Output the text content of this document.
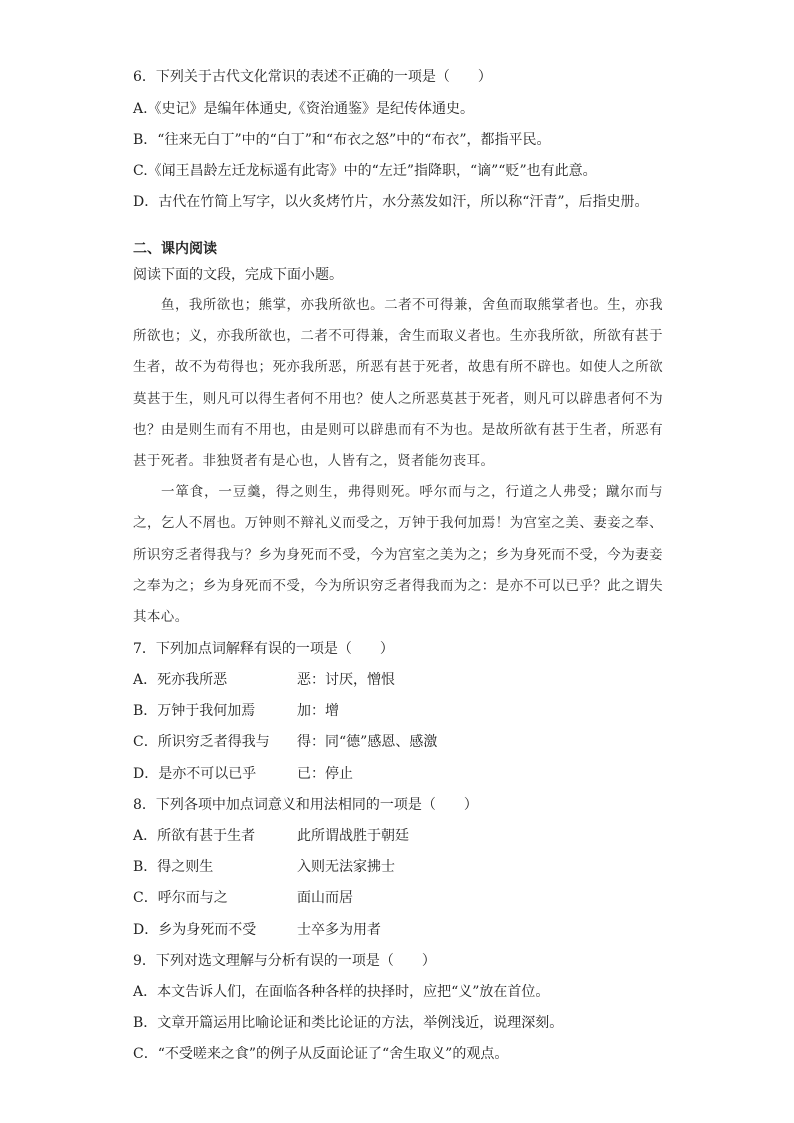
6．下列关于古代文化常识的表述不正确的一项是（　　）
A.《史记》是编年体通史,《资治通鉴》是纪传体通史。
B．“往来无白丁”中的“白丁”和“布衣之怒”中的“布衣”，都指平民。
C.《闻王昌龄左迁龙标遥有此寄》中的“左迁”指降职，“谪”“贬”也有此意。
D．古代在竹简上写字，以火炙烤竹片，水分蒸发如汗，所以称“汗青”，后指史册。
二、课内阅读
阅读下面的文段，完成下面小题。

鱼，我所欲也；熊掌，亦我所欲也。二者不可得兼，舍鱼而取熊掌者也。生，亦我所欲也；义，亦我所欲也，二者不可得兼，舍生而取义者也。生亦我所欲，所欲有甚于生者，故不为苟得也；死亦我所恶，所恶有甚于死者，故患有所不辟也。如使人之所欲莫甚于生，则凡可以得生者何不用也？使人之所恶莫甚于死者，则凡可以辟患者何不为也？由是则生而有不用也，由是则可以辟患而有不为也。是故所欲有甚于生者，所恶有甚于死者。非独贤者有是心也，人皆有之，贤者能勿丧耳。

一箪食，一豆羹，得之则生，弗得则死。呼尔而与之，行道之人弗受；蹴尔而与之，乞人不屑也。万钟则不辩礼义而受之，万钟于我何加焉！为宫室之美、妻妾之奉、所识穷乏者得我与？乡为身死而不受，今为宫室之美为之；乡为身死而不受，今为妻妾之奉为之；乡为身死而不受，今为所识穷乏者得我而为之：是亦不可以已乎？此之谓失其本心。

7．下列加点词解释有误的一项是（　　）
A．死亦我所恶	恶：讨厌，憎恨
B．万钟于我何加焉	加：增
C．所识穷乏者得我与 得：同“德”感恩、感激
D．是亦不可以已乎	已：停止
8．下列各项中加点词意义和用法相同的一项是（　　）
A．所欲有甚于生者	此所谓战胜于朝廷
B．得之则生	入则无法家拂士
C．呼尔而与之	面山而居
D．乡为身死而不受	士卒多为用者
9．下列对选文理解与分析有误的一项是（　　）
A．本文告诉人们，在面临各种各样的抉择时，应把“义”放在首位。
B．文章开篇运用比喻论证和类比论证的方法，举例浅近，说理深刻。
C．“不受嗟来之食”的例子从反面论证了“舍生取义”的观点。
